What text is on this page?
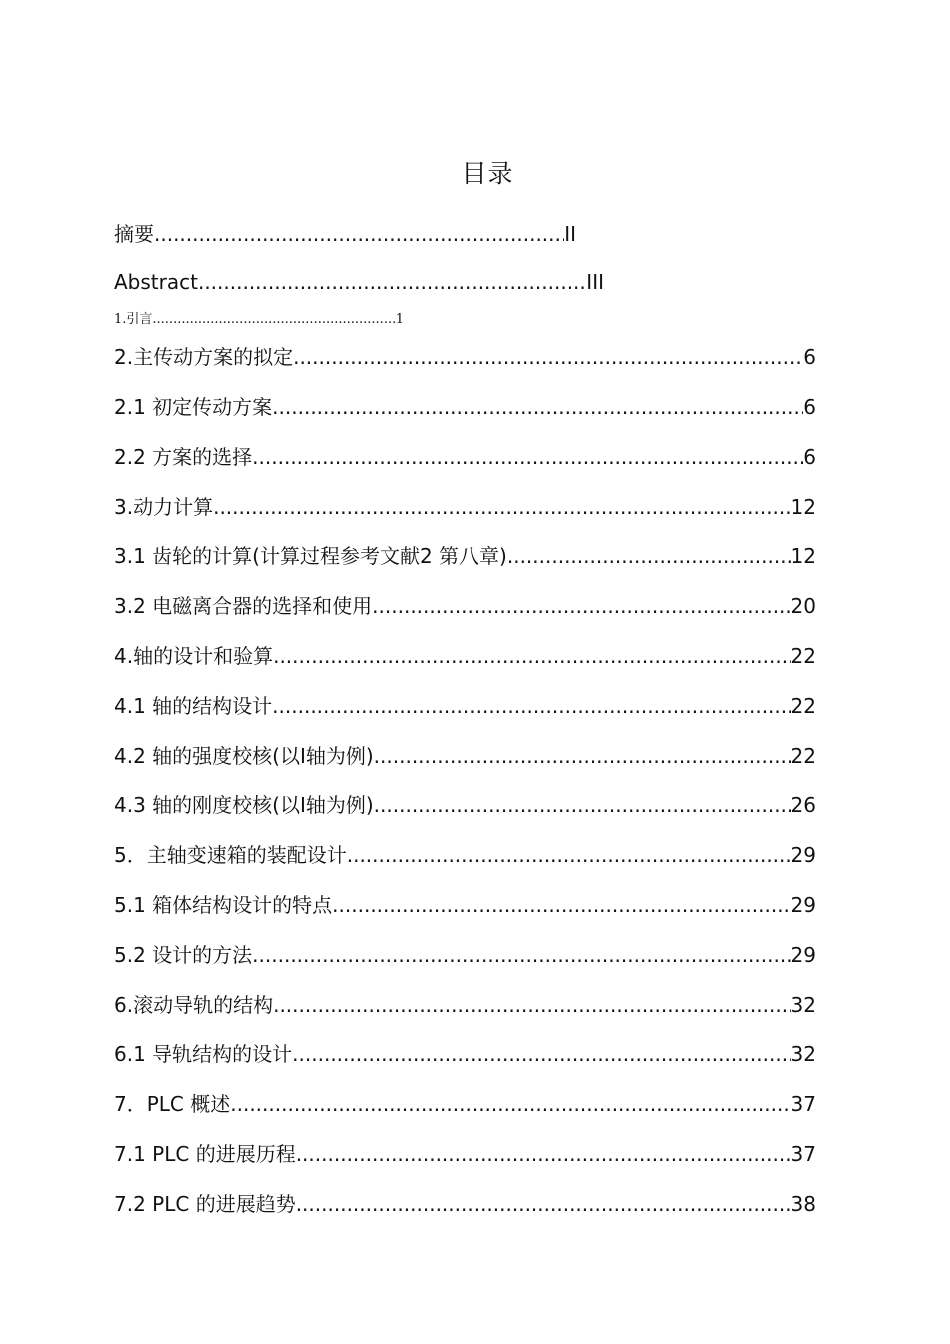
目录
摘要 .....	II
Abstract .....	III
1.引言 .....	1
2.主传动方案的拟定 .....	6
2.1 初定传动方案 .....	6
2.2 方案的选择 .....	6
3.动力计算 .....	12
3.1 齿轮的计算(计算过程参考文献2 第八章) .....	12
3.2 电磁离合器的选择和使用 .....	20
4.轴的设计和验算 .....	22
4.1 轴的结构设计 .....	22
4.2 轴的强度校核(以Ⅰ轴为例) .....	22
4.3 轴的刚度校核(以Ⅰ轴为例) .....	26
5．主轴变速箱的装配设计 .....	29
5.1 箱体结构设计的特点 .....	29
5.2 设计的方法 .....	29
6.滚动导轨的结构 .....	32
6.1 导轨结构的设计 .....	32
7．PLC 概述 .....	37
7.1 PLC 的进展历程 .....	37
7.2 PLC 的进展趋势 .....	38
